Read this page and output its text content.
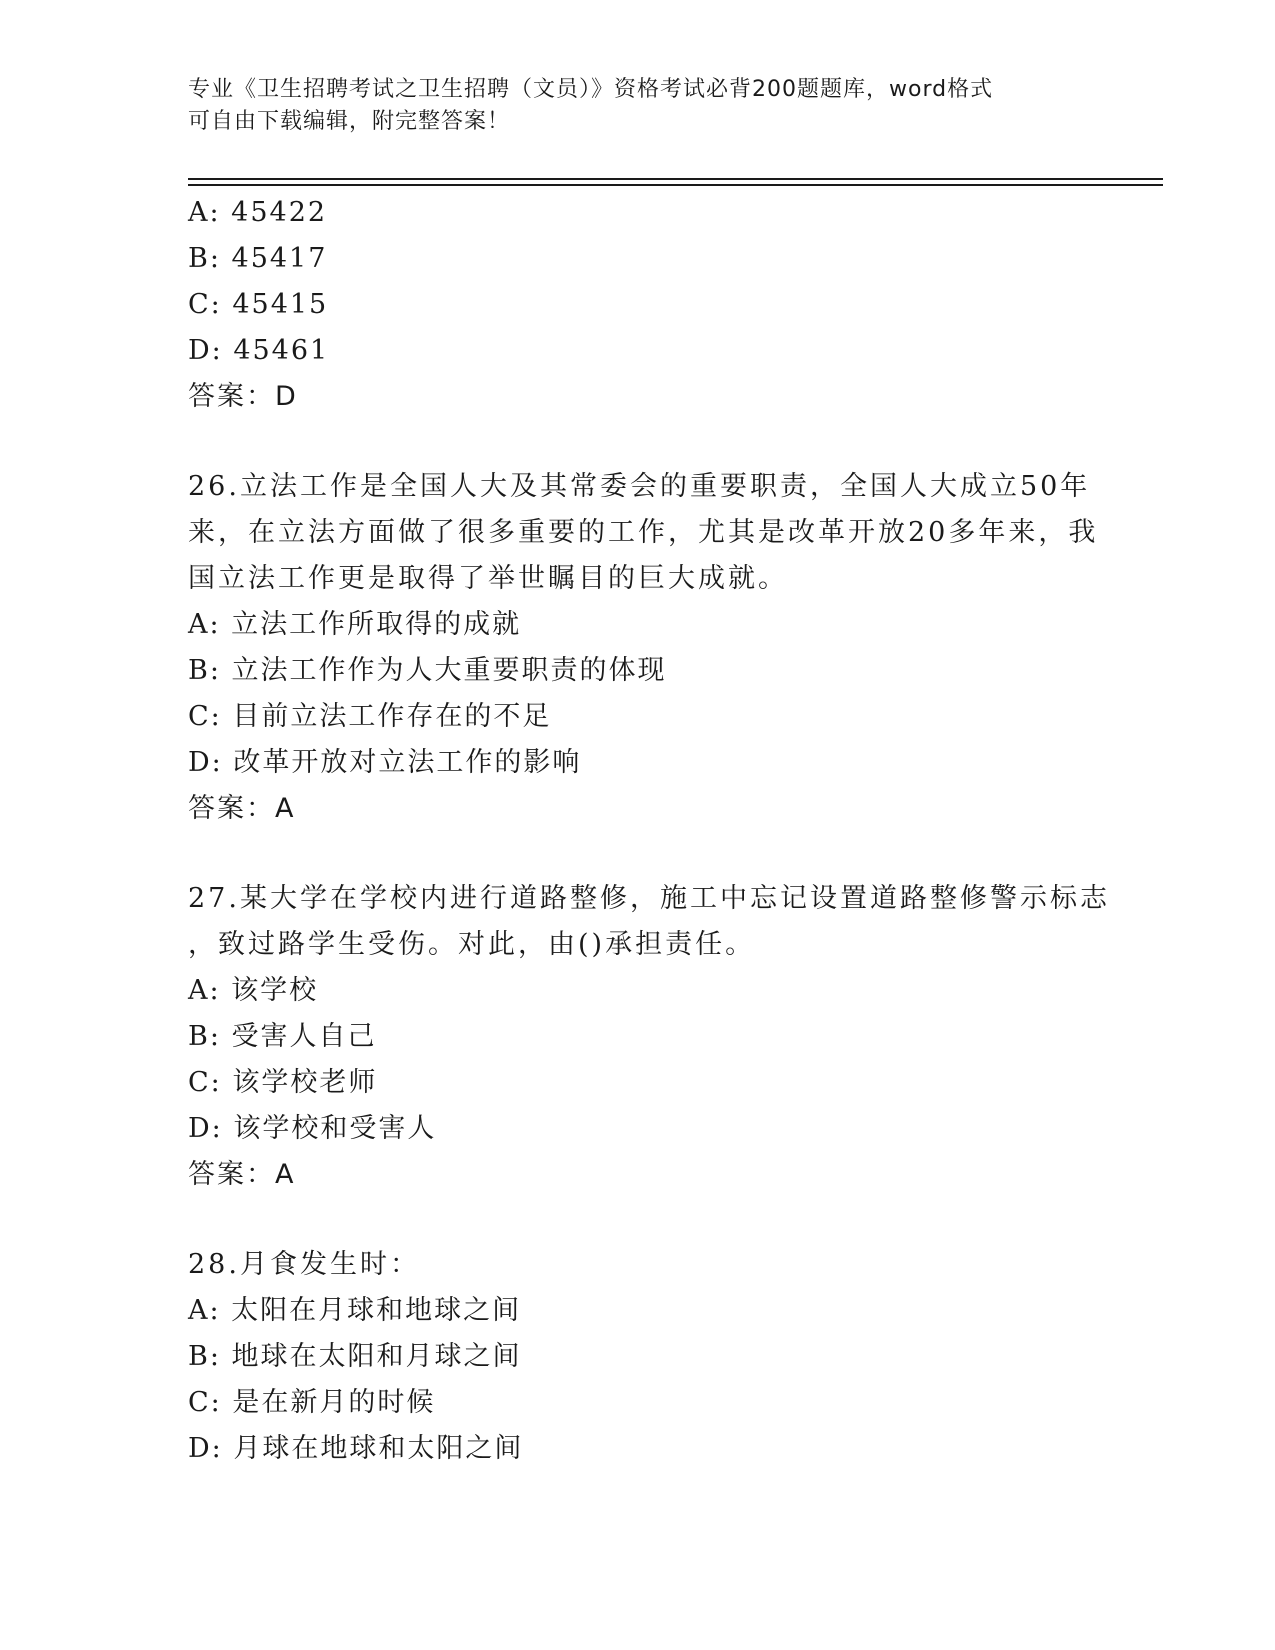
专业《卫生招聘考试之卫生招聘（文员）》资格考试必背200题题库，word格式
可自由下载编辑，附完整答案！
A: 45422
B: 45417
C: 45415
D: 45461
答案：D
26.立法工作是全国人大及其常委会的重要职责，全国人大成立50年
来，在立法方面做了很多重要的工作，尤其是改革开放20多年来，我
国立法工作更是取得了举世瞩目的巨大成就。
A: 立法工作所取得的成就
B: 立法工作作为人大重要职责的体现
C: 目前立法工作存在的不足
D: 改革开放对立法工作的影响
答案：A
27.某大学在学校内进行道路整修，施工中忘记设置道路整修警示标志
，致过路学生受伤。对此，由()承担责任。
A: 该学校
B: 受害人自己
C: 该学校老师
D: 该学校和受害人
答案：A
28.月食发生时：
A: 太阳在月球和地球之间
B: 地球在太阳和月球之间
C: 是在新月的时候
D: 月球在地球和太阳之间
